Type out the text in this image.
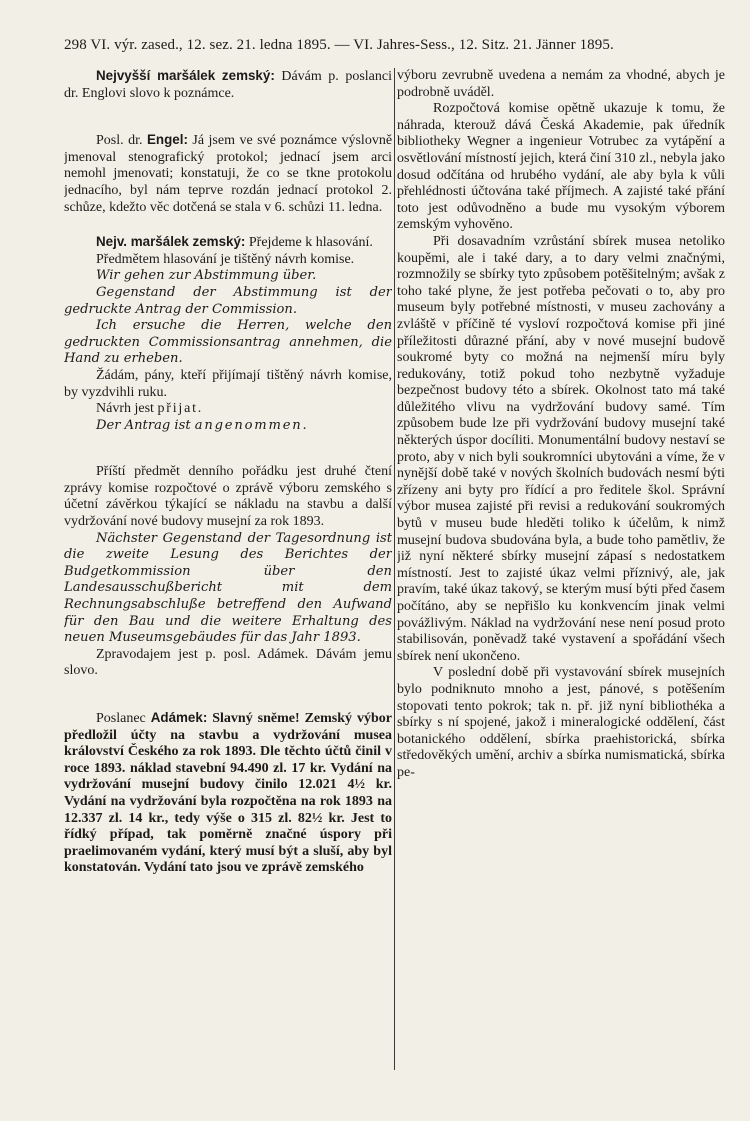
298 VI. výr. zased., 12. sez. 21. ledna 1895. — VI. Jahres-Sess., 12. Sitz. 21. Jänner 1895.

Nejvyšší maršálek zemský: Dávám p. poslanci dr. Englovi slovo k poznámce.

Posl. dr. Engel: Já jsem ve své poznámce výslovně jmenoval stenografický protokol; jednací jsem arci nemohl jmenovati; konstatuji, že co se tkne protokolu jednacího, byl nám teprve rozdán jednací protokol 2. schůze, kdežto věc dotčená se stala v 6. schůzi 11. ledna.

Nejv. maršálek zemský: Přejdeme k hlasování.

Předmětem hlasování je tištěný návrh komise.

Wir gehen zur Abstimmung über.

Gegenstand der Abstimmung ist der gedruckte Antrag der Commission.

Ich ersuche die Herren, welche den gedruckten Commissionsantrag annehmen, die Hand zu erheben.

Žádám, pány, kteří přijímají tištěný návrh komise, by vyzdvihli ruku.

Návrh jest přijat.

Der Antrag ist angenommen.

Příští předmět denního pořádku jest druhé čtení zprávy komise rozpočtové o zprávě výboru zemského s účetní závěrkou týkající se nákladu na stavbu a další vydržování nové budovy musejní za rok 1893.

Nächster Gegenstand der Tagesordnung ist die zweite Lesung des Berichtes der Budgetkommission über den Landesausschußbericht mit dem Rechnungsabschluße betreffend den Aufwand für den Bau und die weitere Erhaltung des neuen Museumsgebäudes für das Jahr 1893.

Zpravodajem jest p. posl. Adámek. Dávám jemu slovo.

Poslanec Adámek: Slavný sněme! Zemský výbor předložil účty na stavbu a vydržování musea království Českého za rok 1893. Dle těchto účtů činil v roce 1893. náklad stavební 94.490 zl. 17 kr. Vydání na vydržování musejní budovy činilo 12.021 4½ kr. Vydání na vydržování byla rozpočtěna na rok 1893 na 12.337 zl. 14 kr., tedy výše o 315 zl. 82½ kr. Jest to řídký případ, tak poměrně značné úspory při praelimovaném vydání, který musí být a sluší, aby byl konstatován. Vydání tato jsou ve zprávě zemského

výboru zevrubně uvedena a nemám za vhodné, abych je podrobně uváděl.

Rozpočtová komise opětně ukazuje k tomu, že náhrada, kterouž dává Česká Akademie, pak úředník bibliotheky Wegner a ingenieur Votrubec za vytápění a osvětlování místností jejich, která činí 310 zl., nebyla jako dosud odčítána od hrubého vydání, ale aby byla k vůli přehlédnosti účtována také příjmech. A zajisté také přání toto jest odůvodněno a bude mu vysokým výborem zemským vyhověno.

Při dosavadním vzrůstání sbírek musea netoliko koupěmi, ale i také dary, a to dary velmi značnými, rozmnožily se sbírky tyto způsobem potěšitelným; avšak z toho také plyne, že jest potřeba pečovati o to, aby pro museum byly potřebné místnosti, v museu zachovány a zvláště v příčině té vysloví rozpočtová komise při jiné příležitosti důrazné přání, aby v nové musejní budově soukromé byty co možná na nejmenší míru byly redukovány, totiž pokud toho nezbytně vyžaduje bezpečnost budovy této a sbírek. Okolnost tato má také důležitého vlivu na vydržování budovy samé. Tím způsobem bude lze při vydržování budovy musejní také některých úspor docíliti. Monumentální budovy nestaví se proto, aby v nich byli soukromníci ubytováni a víme, že v nynější době také v nových školních budovách nesmí býti zřízeny ani byty pro řídící a pro ředitele škol. Správní výbor musea zajisté při revisi a redukování soukromých bytů v museu bude hleděti tolikо k účelům, k nimž musejní budova sbudována byla, a bude toho pamětliv, že již nyní některé sbírky musejní zápasí s nedostatkem místností. Jest to zajisté úkaz velmi příznivý, ale, jak pravím, také úkaz takový, se kterým musí býti před časem počítáno, aby se nepřišlo ku konkvencím jinak velmi povážlivým. Náklad na vydržování nese není posud proto stabilisován, poněvadž také vystavení a spořádání všech sbírek není ukončeno.

V poslední době při vystavování sbírek musejních bylo podniknuto mnoho a jest, pánové, s potěšením stopovati tento pokrok; tak n. př. již nyní bibliothéka a sbírky s ní spojené, jakož i mineralogické oddělení, část botanického oddělení, sbírka praehistorická, sbírka středověkých umění, archiv a sbírka numismatická, sbírka pe-
